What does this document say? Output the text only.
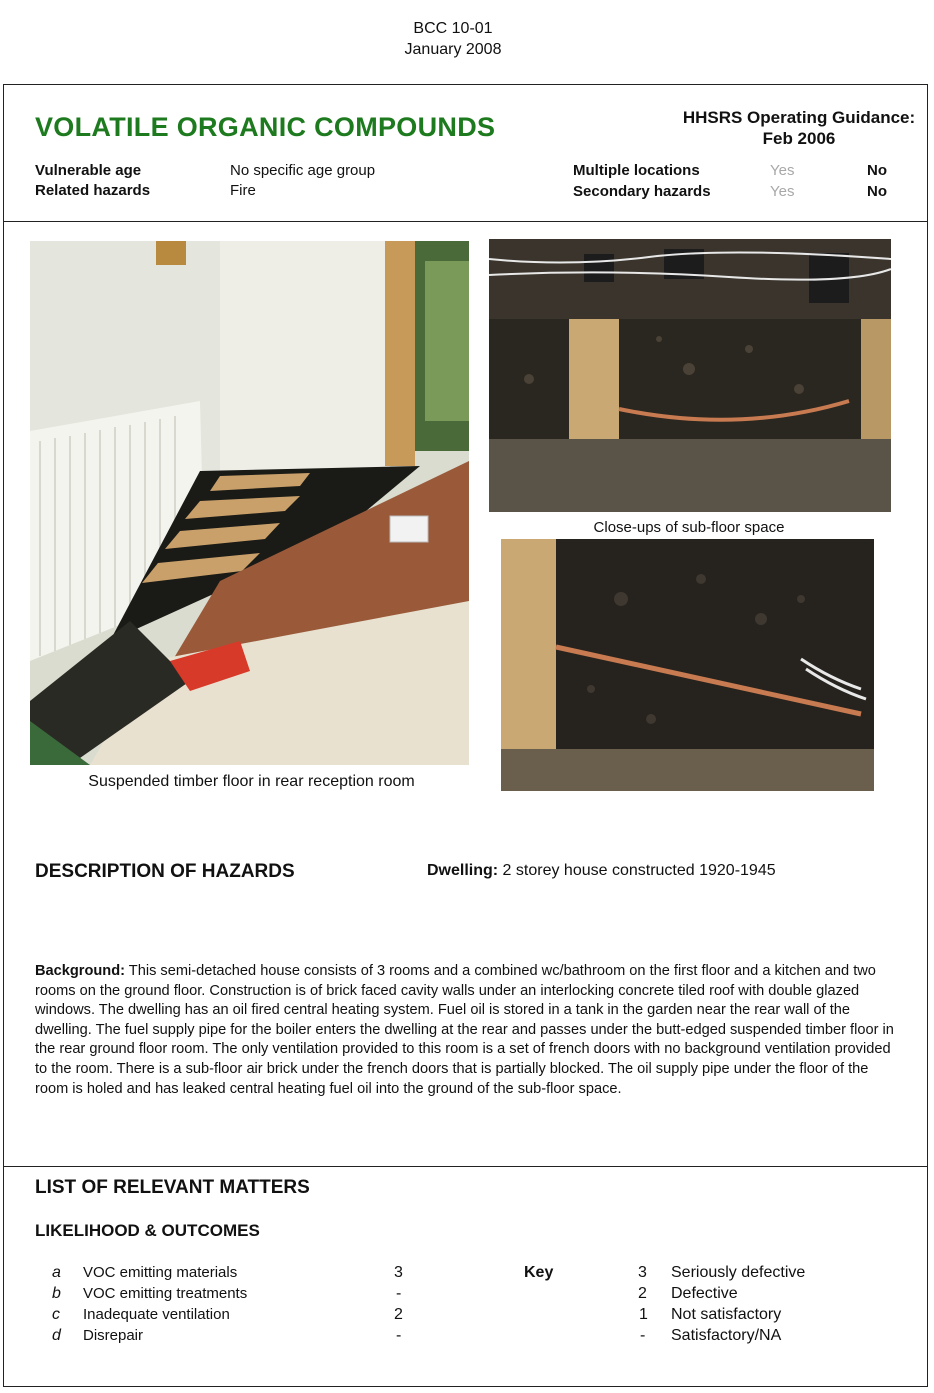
BCC 10-01
January 2008
VOLATILE ORGANIC COMPOUNDS	HHSRS Operating Guidance:
Feb 2006
Vulnerable age	No specific age group
Related hazards	Fire
Multiple locations	Yes	No
Secondary hazards	Yes	No
Suspended timber floor in rear reception room
Close-ups of sub-floor space
DESCRIPTION OF HAZARDS	Dwelling: 2 storey house constructed 1920-1945
Background: This semi-detached house consists of 3 rooms and a combined wc/bathroom on the first floor and a kitchen and two rooms on the ground floor. Construction is of brick faced cavity walls under an interlocking concrete tiled roof with double glazed windows. The dwelling has an oil fired central heating system. Fuel oil is stored in a tank in the garden near the rear wall of the dwelling. The fuel supply pipe for the boiler enters the dwelling at the rear and passes under the butt-edged suspended timber floor in the rear ground floor room. The only ventilation provided to this room is a set of french doors with no background ventilation provided to the room. There is a sub-floor air brick under the french doors that is partially blocked. The oil supply pipe under the floor of the room is holed and has leaked central heating fuel oil into the ground of the sub-floor space.
LIST OF RELEVANT MATTERS
LIKELIHOOD & OUTCOMES
a VOC emitting materials	3
b VOC emitting treatments	-
c Inadequate ventilation	2
d Disrepair	-
Key	3 Seriously defective
2 Defective
1 Not satisfactory
- Satisfactory/NA
